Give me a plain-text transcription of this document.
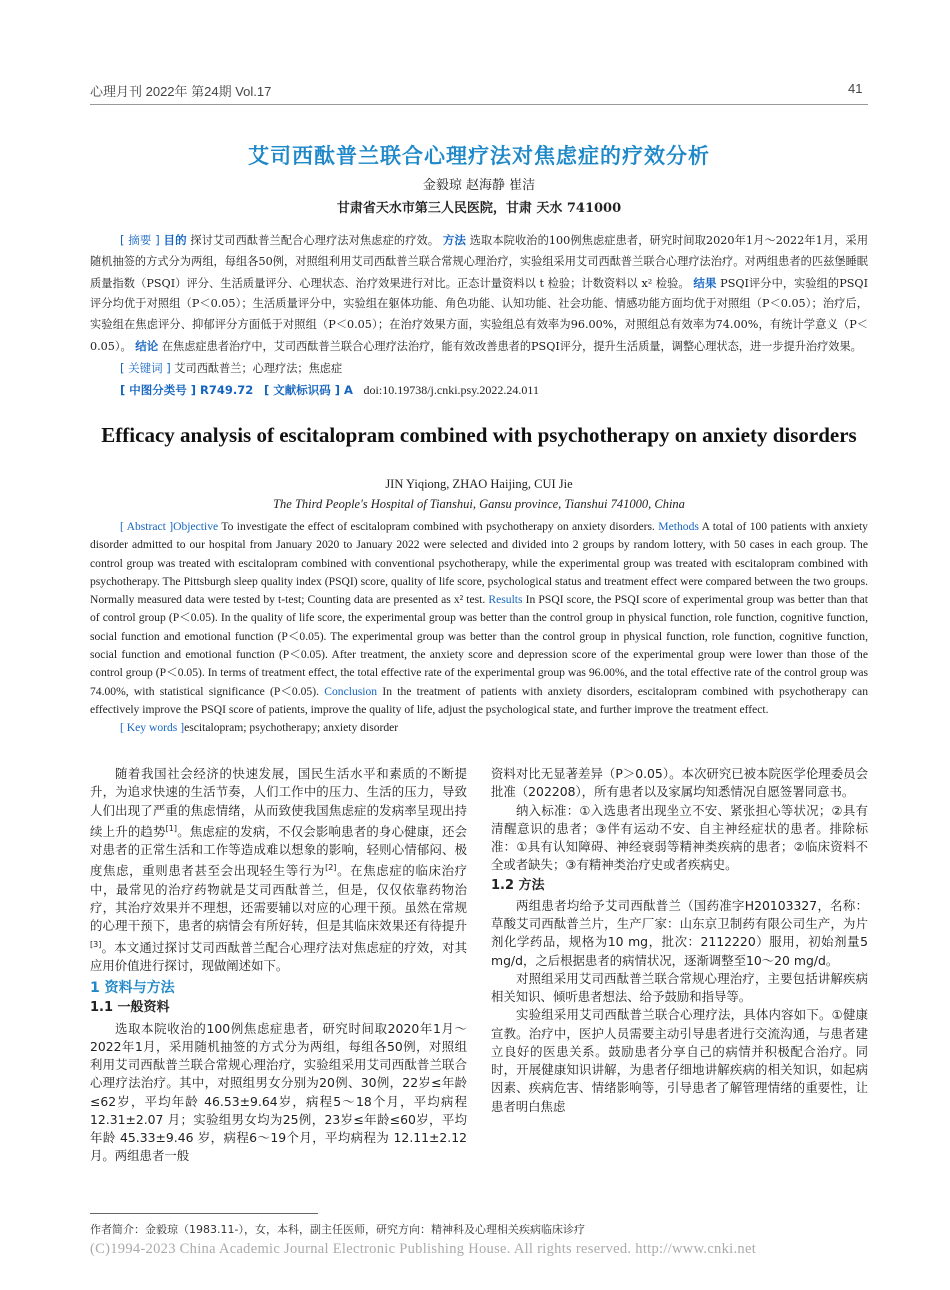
心理月刊 2022年 第24期 Vol.17	41
艾司西酞普兰联合心理疗法对焦虑症的疗效分析
金毅琼 赵海静 崔洁
甘肃省天水市第三人民医院，甘肃 天水 741000

[ 摘要 ] 目的 探讨艾司西酞普兰配合心理疗法对焦虑症的疗效。 方法 选取本院收治的100例焦虑症患者，研究时间取2020年1月～2022年1月，采用随机抽签的方式分为两组，每组各50例，对照组利用艾司西酞普兰联合常规心理治疗，实验组采用艾司西酞普兰联合心理疗法治疗。对两组患者的匹兹堡睡眠质量指数（PSQI）评分、生活质量评分、心理状态、治疗效果进行对比。正态计量资料以 t 检验；计数资料以 x² 检验。 结果 PSQI评分中，实验组的PSQI评分均优于对照组（P＜0.05）；生活质量评分中，实验组在躯体功能、角色功能、认知功能、社会功能、情感功能方面均优于对照组（P＜0.05）；治疗后，实验组在焦虑评分、抑郁评分方面低于对照组（P＜0.05）；在治疗效果方面，实验组总有效率为96.00%，对照组总有效率为74.00%，有统计学意义（P＜0.05）。 结论 在焦虑症患者治疗中，艾司西酞普兰联合心理疗法治疗，能有效改善患者的PSQI评分，提升生活质量，调整心理状态，进一步提升治疗效果。

[ 关键词 ] 艾司西酞普兰；心理疗法；焦虑症

[ 中图分类号 ] R749.72 [ 文献标识码 ] A doi:10.19738/j.cnki.psy.2022.24.011

Efficacy analysis of escitalopram combined with psychotherapy on anxiety disorders
JIN Yiqiong, ZHAO Haijing, CUI Jie
The Third People's Hospital of Tianshui, Gansu province, Tianshui 741000, China

[ Abstract ]Objective To investigate the effect of escitalopram combined with psychotherapy on anxiety disorders. Methods A total of 100 patients with anxiety disorder admitted to our hospital from January 2020 to January 2022 were selected and divided into 2 groups by random lottery, with 50 cases in each group. The control group was treated with escitalopram combined with conventional psychotherapy, while the experimental group was treated with escitalopram combined with psychotherapy. The Pittsburgh sleep quality index (PSQI) score, quality of life score, psychological status and treatment effect were compared between the two groups. Normally measured data were tested by t-test; Counting data are presented as x² test. Results In PSQI score, the PSQI score of experimental group was better than that of control group (P＜0.05). In the quality of life score, the experimental group was better than the control group in physical function, role function, cognitive function, social function and emotional function (P＜0.05). The experimental group was better than the control group in physical function, role function, cognitive function, social function and emotional function (P＜0.05). After treatment, the anxiety score and depression score of the experimental group were lower than those of the control group (P＜0.05). In terms of treatment effect, the total effective rate of the experimental group was 96.00%, and the total effective rate of the control group was 74.00%, with statistical significance (P＜0.05). Conclusion In the treatment of patients with anxiety disorders, escitalopram combined with psychotherapy can effectively improve the PSQI score of patients, improve the quality of life, adjust the psychological state, and further improve the treatment effect.

[ Key words ]escitalopram; psychotherapy; anxiety disorder

随着我国社会经济的快速发展，国民生活水平和素质的不断提升，为追求快速的生活节奏，人们工作中的压力、生活的压力，导致人们出现了严重的焦虑情绪，从而致使我国焦虑症的发病率呈现出持续上升的趋势[1]。焦虑症的发病，不仅会影响患者的身心健康，还会对患者的正常生活和工作等造成难以想象的影响，轻则心情郁闷、极度焦虑，重则患者甚至会出现轻生等行为[2]。在焦虑症的临床治疗中，最常见的治疗药物就是艾司西酞普兰，但是，仅仅依靠药物治疗，其治疗效果并不理想，还需要辅以对应的心理干预。虽然在常规的心理干预下，患者的病情会有所好转，但是其临床效果还有待提升[3]。本文通过探讨艾司西酞普兰配合心理疗法对焦虑症的疗效，对其应用价值进行探讨，现做阐述如下。

1 资料与方法
1.1 一般资料

选取本院收治的100例焦虑症患者，研究时间取2020年1月～2022年1月，采用随机抽签的方式分为两组，每组各50例，对照组利用艾司西酞普兰联合常规心理治疗，实验组采用艾司西酞普兰联合心理疗法治疗。其中，对照组男女分别为20例、30例，22岁≤年龄≤62岁，平均年龄 46.53±9.64岁，病程5～18个月，平均病程 12.31±2.07 月；实验组男女均为25例，23岁≤年龄≤60岁，平均年龄 45.33±9.46 岁，病程6～19个月，平均病程为 12.11±2.12 月。两组患者一般

资料对比无显著差异（P＞0.05）。本次研究已被本院医学伦理委员会批准（202208），所有患者以及家属均知悉情况自愿签署同意书。

纳入标准：①入选患者出现坐立不安、紧张担心等状况；②具有清醒意识的患者；③伴有运动不安、自主神经症状的患者。排除标准：①具有认知障碍、神经衰弱等精神类疾病的患者；②临床资料不全或者缺失；③有精神类治疗史或者疾病史。

1.2 方法

两组患者均给予艾司西酞普兰（国药准字H20103327，名称：草酸艾司西酞普兰片，生产厂家：山东京卫制药有限公司生产，为片剂化学药品，规格为10 mg，批次：2112220）服用，初始剂量5 mg/d，之后根据患者的病情状况，逐渐调整至10～20 mg/d。

对照组采用艾司西酞普兰联合常规心理治疗，主要包括讲解疾病相关知识、倾听患者想法、给予鼓励和指导等。

实验组采用艾司西酞普兰联合心理疗法，具体内容如下。①健康宣教。治疗中，医护人员需要主动引导患者进行交流沟通，与患者建立良好的医患关系。鼓励患者分享自己的病情并积极配合治疗。同时，开展健康知识讲解，为患者仔细地讲解疾病的相关知识，如起病因素、疾病危害、情绪影响等，引导患者了解管理情绪的重要性，让患者明白焦虑

作者简介：金毅琼（1983.11-），女，本科，副主任医师，研究方向：精神科及心理相关疾病临床诊疗
(C)1994-2023 China Academic Journal Electronic Publishing House. All rights reserved. http://www.cnki.net
